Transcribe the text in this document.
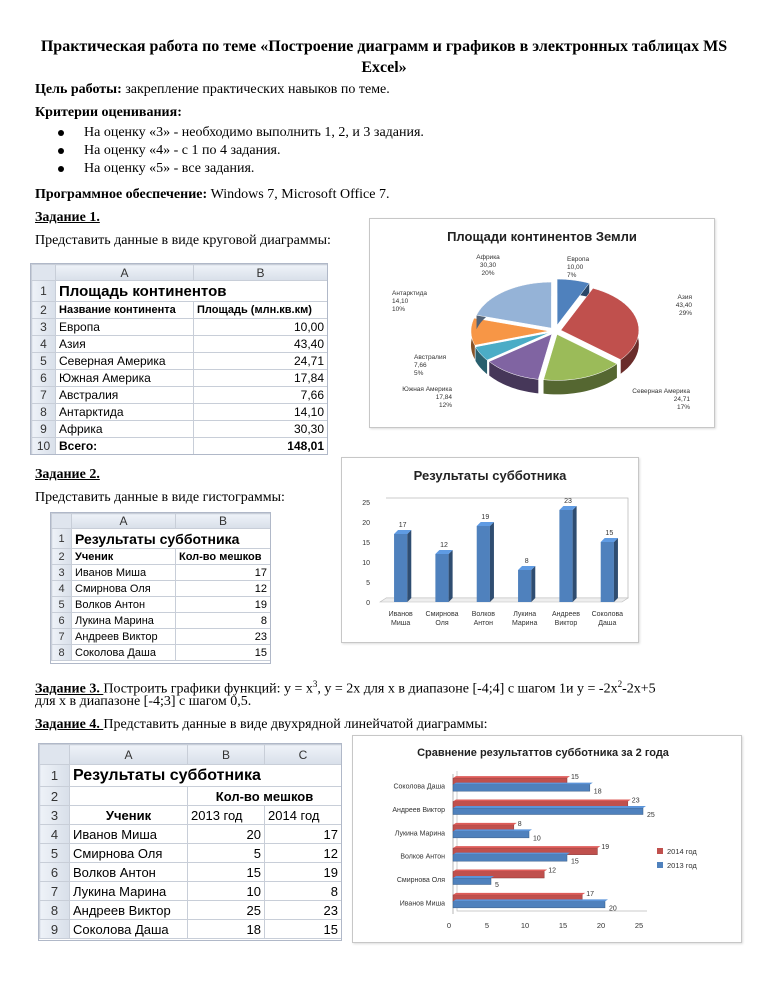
Практическая работа по теме «Построение диаграмм и графиков в электронных таблицах MS Excel»
Цель работы: закрепление практических навыков по теме.
Критерии оценивания:
На оценку «3» - необходимо выполнить 1, 2, и 3 задания.
На оценку «4» - с 1 по 4 задания.
На оценку «5» - все задания.
Программное обеспечение: Windows 7, Microsoft Office 7.
Задание 1.
Представить данные в виде круговой диаграммы:
	A	B
1	Площадь континентов	
2	Название континента	Площадь (млн.кв.км)
3	Европа	10,00
4	Азия	43,40
5	Северная Америка	24,71
6	Южная Америка	17,84
7	Австралия	7,66
8	Антарктида	14,10
9	Африка	30,30
10	Всего:	148,01
Площади континентов Земли
Европа 10,00 7%
Азия 43,40 29%
Северная Америка 24,71 17%
Южная Америка 17,84 12%
Австралия 7,66 5%
Антарктида 14,10 10%
Африка 30,30 20%
Задание 2.
Представить данные в виде гистограммы:
	A	B
1	Результаты субботника	
2	Ученик	Кол-во мешков
3	Иванов Миша	17
4	Смирнова Оля	12
5	Волков Антон	19
6	Лукина Марина	8
7	Андреев Виктор	23
8	Соколова Даша	15
Результаты субботника
0
5
10
15
20
25
17
Иванов
Миша
12
Смирнова
Оля
19
Волков
Антон
8
Лукина
Марина
23
Андреев
Виктор
15
Соколова
Даша
Задание 3. Построить графики функций: $y = x^3$, y = 2x для x в диапазоне [-4;4] с шагом 1и $y = -2x^2-2x+5$
для x в диапазоне [-4;3] с шагом 0,5.
Задание 4. Представить данные в виде двухрядной линейчатой диаграммы:
	A	B	C
1	Результаты субботника		
2		Кол-во мешков	
3	Ученик	2013 год	2014 год
4	Иванов Миша	20	17
5	Смирнова Оля	5	12
6	Волков Антон	15	19
7	Лукина Марина	10	8
8	Андреев Виктор	25	23
9	Соколова Даша	18	15
Сравнение результаттов субботника за 2 года
0	5	10	15	20	25
Иванов Миша
17
20
Смирнова Оля
12
5
Волков Антон
19
15
Лукина Марина
8
10
Андреев Виктор
23
25
Соколова Даша
15
18
2014 год
2013 год
